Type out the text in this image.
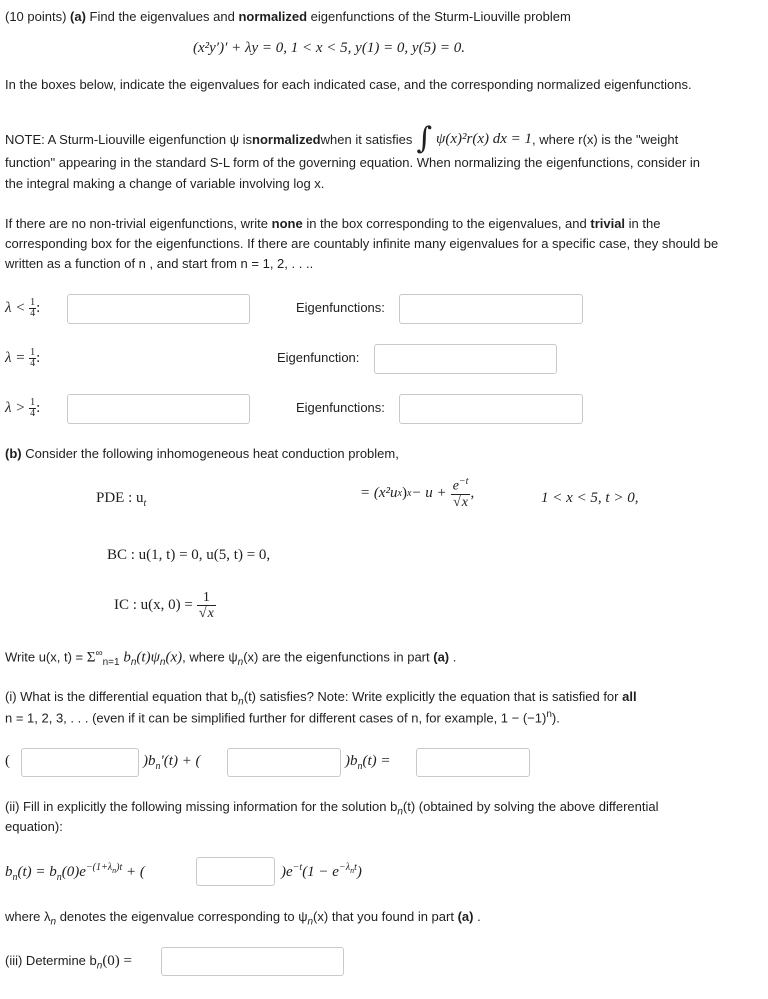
(10 points) (a) Find the eigenvalues and normalized eigenfunctions of the Sturm-Liouville problem
(x²y′)′ + λy = 0, 1 < x < 5, y(1) = 0, y(5) = 0.
In the boxes below, indicate the eigenvalues for each indicated case, and the corresponding normalized eigenfunctions.
NOTE: A Sturm-Liouville eigenfunction ψ is normalized when it satisfies ∫ ψ(x)²r(x) dx = 1 , where r(x) is the "weight
function" appearing in the standard S-L form of the governing equation. When normalizing the eigenfunctions, consider in
the integral making a change of variable involving log x.
If there are no non-trivial eigenfunctions, write none in the box corresponding to the eigenvalues, and trivial in the
corresponding box for the eigenfunctions. If there are countably infinite many eigenvalues for a specific case, they should be
written as a function of n , and start from n = 1, 2, . . ..
$\lambda < \frac{1}{4}$ :	Eigenfunctions:
$\lambda = \frac{1}{4}$ :	Eigenfunction:
$\lambda > \frac{1}{4}$ :	Eigenfunctions:
(b) Consider the following inhomogeneous heat conduction problem,
PDE : $u_t$
= (x²u x ) $x - u + \frac{e^{-t}}{√x}$ ,	1 < x < 5, t > 0,
BC : u(1, t) = 0, u(5, t) = 0,
IC : u(x, $0) = \frac{1}{√x}$
Write u(x, $t) = \Sigma^\infty_{n=1}$ $b_n(t)\psi_n(x)$, where $\psi_n(x)$ are the eigenfunctions in part (a) .
(i) What is the differential equation that $b_n(t)$ satisfies? Note: Write explicitly the equation that is satisfied for all
n = 1, 2, 3, . . . (even if it can be simplified further for different cases of n, for example, $1 - (-1)^n$).
(	)$b_n'(t)$ + (	)$b_n(t)$ =
(ii) Fill in explicitly the following missing information for the solution $b_n(t)$ (obtained by solving the above differential
equation):
$b_n(t) = b_n(0)e^{-(1+\lambda_n)t}$ + (	)$e^{-t}(1 - e^{-\lambda_nt})$
where $\lambda_n$ denotes the eigenvalue corresponding to $\psi_n(x)$ that you found in part (a) .
(iii) Determine $b_n(0)$ =
